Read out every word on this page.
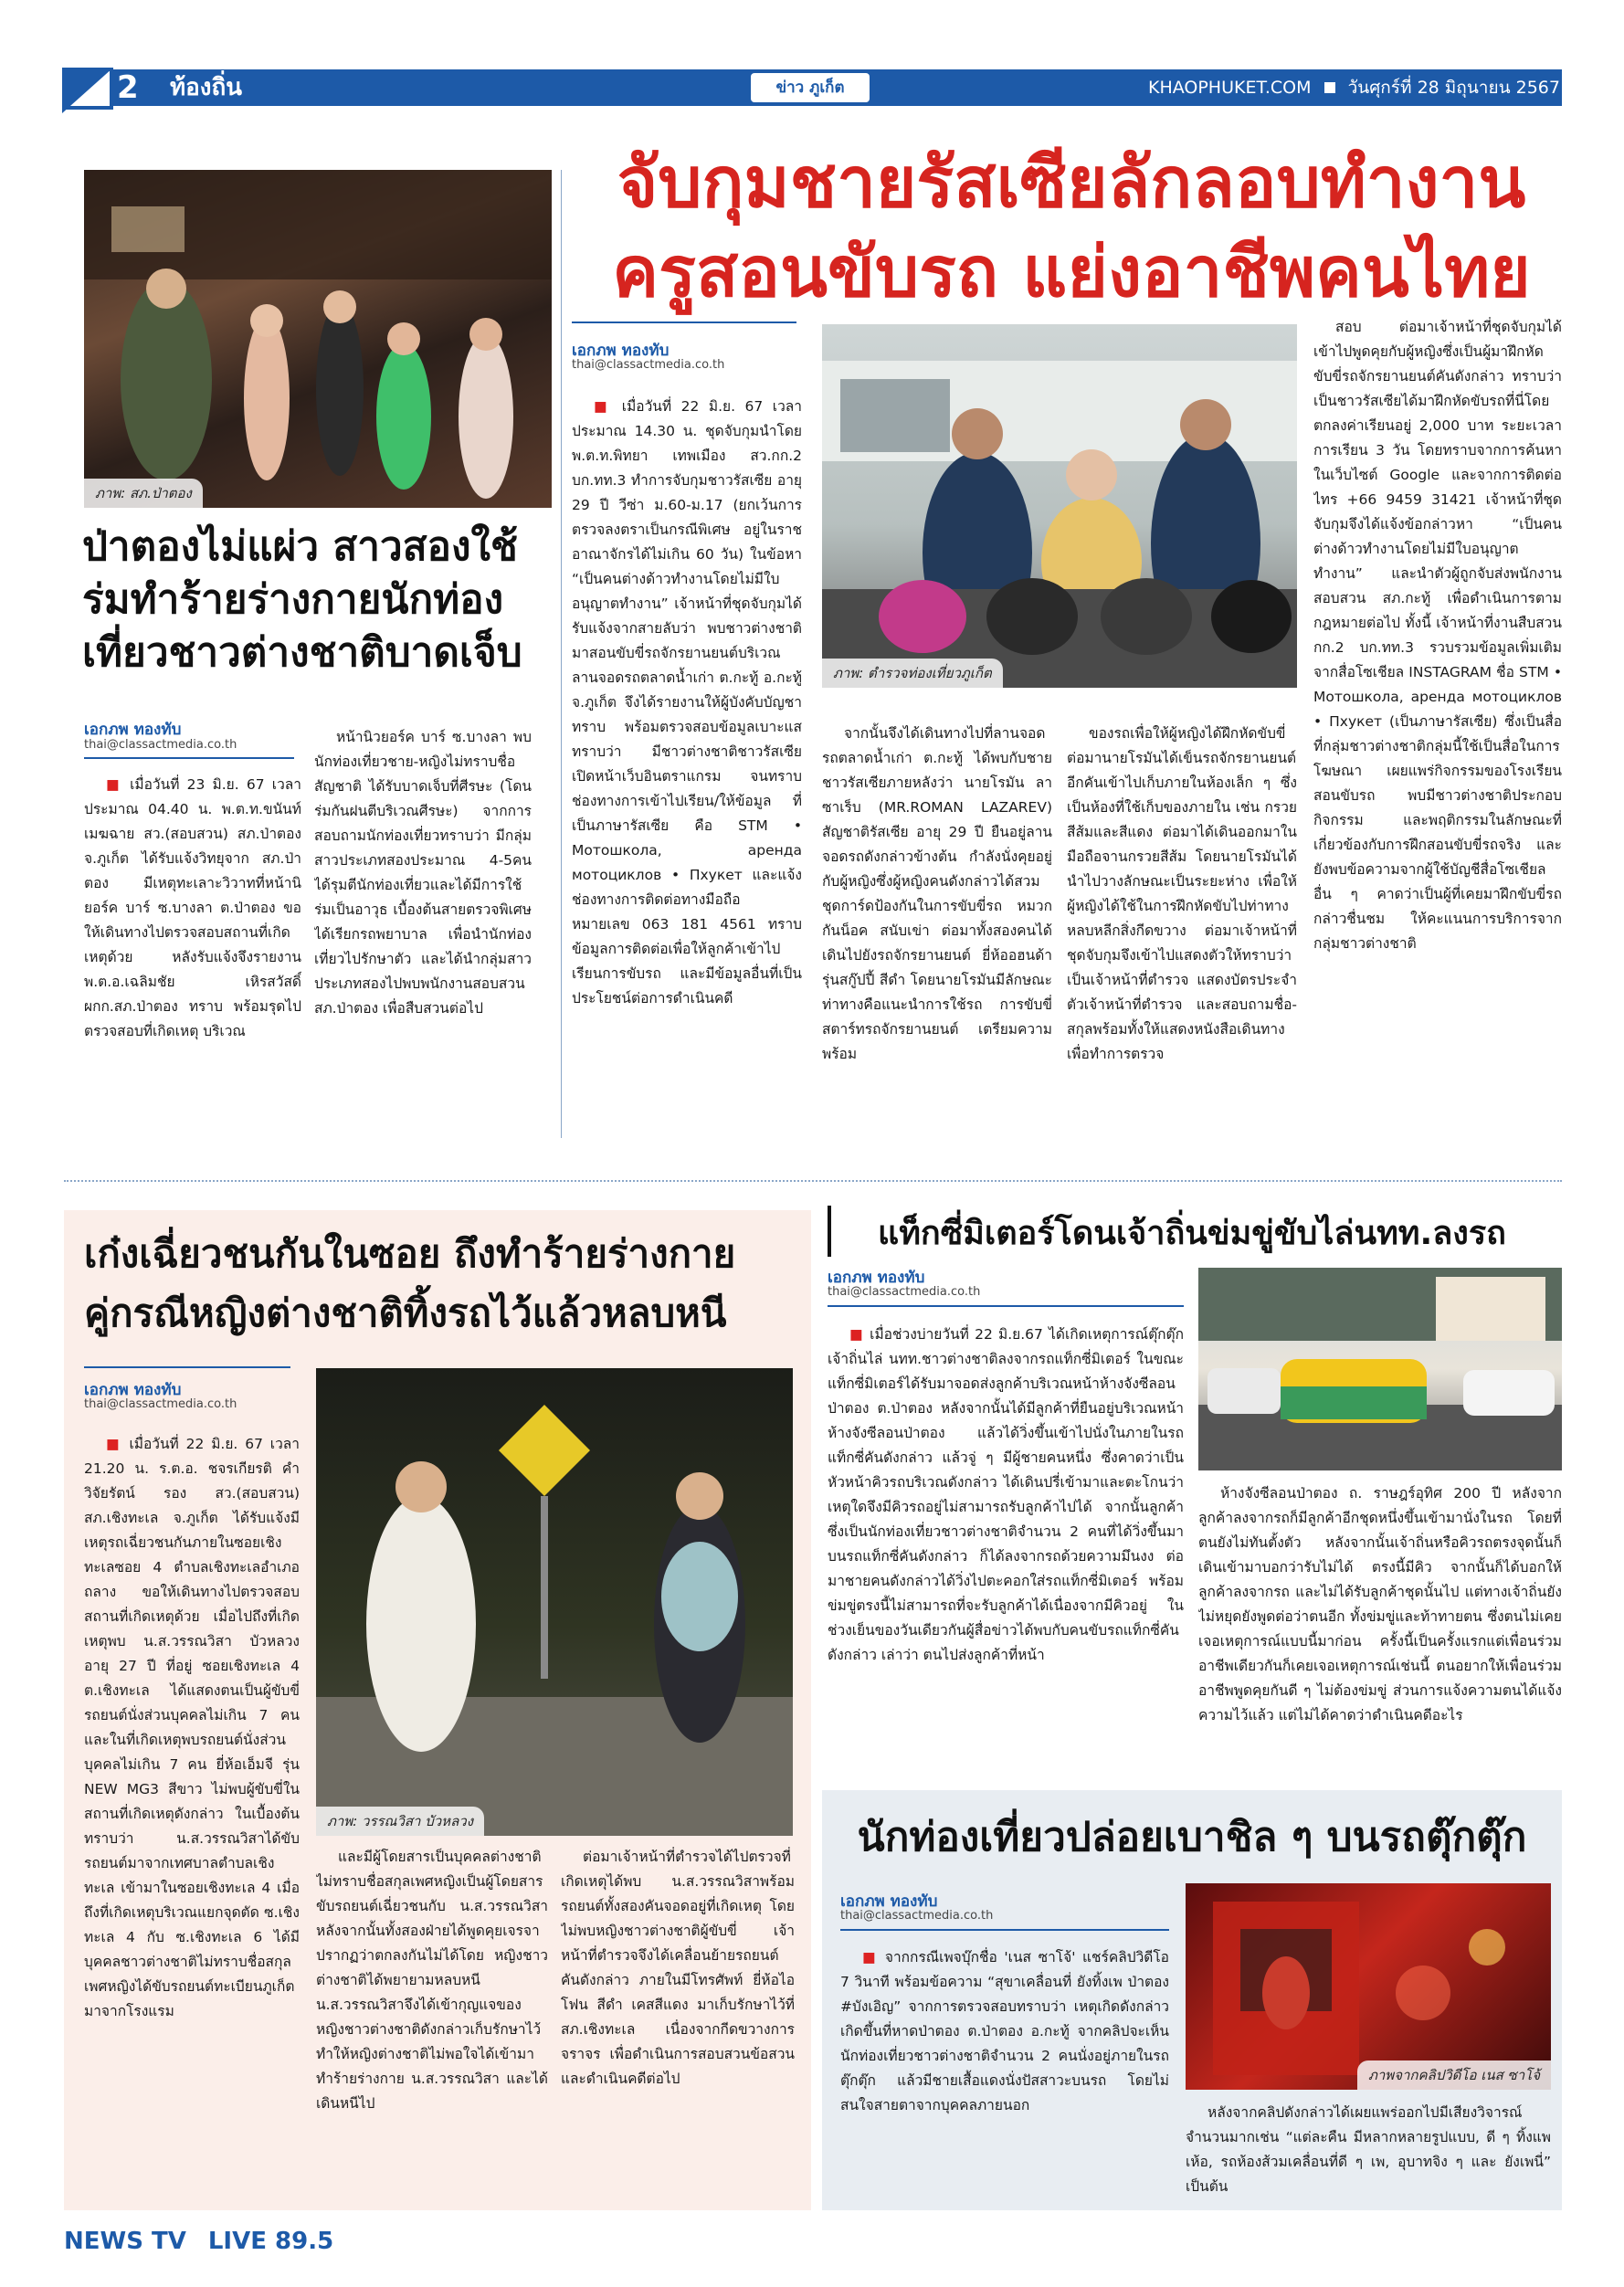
2 ท้องถิ่น	ข่าว ภูเก็ต	KHAOPHUKET.COM วันศุกร์ที่ 28 มิถุนายน 2567
ภาพ: สภ.ป่าตอง
ป่าตองไม่แผ่ว สาวสองใช้ร่มทำร้ายร่างกายนักท่องเที่ยวชาวต่างชาติบาดเจ็บ
เอกภพ ทองทับ
thai@classactmedia.co.th

■ เมื่อวันที่ 23 มิ.ย. 67 เวลาประมาณ 04.40 น. พ.ต.ท.ขนันท์ เมฆฉาย สว.(สอบสวน) สภ.ป่าตอง จ.ภูเก็ต ได้รับแจ้งวิทยุจาก สภ.ป่าตอง มีเหตุทะเลาะวิวาทที่หน้านิยอร์ค บาร์ ซ.บางลา ต.ป่าตอง ขอให้เดินทางไปตรวจสอบสถานที่เกิดเหตุด้วย หลังรับแจ้งจึงรายงาน พ.ต.อ.เฉลิมชัย เหิรสวัสดิ์ ผกก.สภ.ป่าตอง ทราบ พร้อมรุดไปตรวจสอบที่เกิดเหตุ บริเวณ

หน้านิวยอร์ค บาร์ ซ.บางลา พบนักท่องเที่ยวชาย-หญิงไม่ทราบชื่อสัญชาติ ได้รับบาดเจ็บที่ศีรษะ (โดนร่มกันฝนตีบริเวณศีรษะ) จากการสอบถามนักท่องเที่ยวทราบว่า มีกลุ่มสาวประเภทสองประมาณ 4-5คน ได้รุมตีนักท่องเที่ยวและได้มีการใช้ร่มเป็นอาวุธ เบื้องต้นสายตรวจพิเศษได้เรียกรถพยาบาล เพื่อนำนักท่องเที่ยวไปรักษาตัว และได้นำกลุ่มสาวประเภทสองไปพบพนักงานสอบสวน สภ.ป่าตอง เพื่อสืบสวนต่อไป

จับกุมชายรัสเซียลักลอบทำงาน
ครูสอนขับรถ แย่งอาชีพคนไทย
เอกภพ ทองทับ
thai@classactmedia.co.th

■ เมื่อวันที่ 22 มิ.ย. 67 เวลาประมาณ 14.30 น. ชุดจับกุมนำโดย พ.ต.ท.พิทยา เทพเมือง สว.กก.2 บก.ทท.3 ทำการจับกุมชาวรัสเซีย อายุ 29 ปี วีซ่า ม.60-ม.17 (ยกเว้นการตรวจลงตราเป็นกรณีพิเศษ อยู่ในราชอาณาจักรได้ไม่เกิน 60 วัน) ในข้อหา “เป็นคนต่างด้าวทำงานโดยไม่มีใบอนุญาตทำงาน” เจ้าหน้าที่ชุดจับกุมได้รับแจ้งจากสายลับว่า พบชาวต่างชาติมาสอนขับขี่รถจักรยานยนต์บริเวณลานจอดรถตลาดน้ำเก่า ต.กะทู้ อ.กะทู้ จ.ภูเก็ต จึงได้รายงานให้ผู้บังคับบัญชาทราบ พร้อมตรวจสอบข้อมูลเบาะแสทราบว่า มีชาวต่างชาติชาวรัสเซีย เปิดหน้าเว็บอินตราแกรม จนทราบช่องทางการเข้าไปเรียน/ให้ข้อมูล ที่เป็นภาษารัสเซีย คือ STM • Мотошкола, аренда мотоциклов • Пхукет และแจ้งช่องทางการติดต่อทางมือถือ หมายเลข 063 181 4561 ทราบข้อมูลการติดต่อเพื่อให้ลูกค้าเข้าไปเรียนการขับรถ และมีข้อมูลอื่นที่เป็นประโยชน์ต่อการดำเนินคดี

ภาพ: ตำรวจท่องเที่ยวภูเก็ต

สอบ ต่อมาเจ้าหน้าที่ชุดจับกุมได้เข้าไปพูดคุยกับผู้หญิงซึ่งเป็นผู้มาฝึกหัดขับขี่รถจักรยานยนต์คันดังกล่าว ทราบว่าเป็นชาวรัสเซียได้มาฝึกหัดขับรถที่นี่โดยตกลงค่าเรียนอยู่ 2,000 บาท ระยะเวลาการเรียน 3 วัน โดยทราบจากการค้นหาในเว็บไซต์ Google และจากการติดต่อ ไทร +66 9459 31421 เจ้าหน้าที่ชุดจับกุมจึงได้แจ้งข้อกล่าวหา “เป็นคนต่างด้าวทำงานโดยไม่มีใบอนุญาตทำงาน” และนำตัวผู้ถูกจับส่งพนักงานสอบสวน สภ.กะทู้ เพื่อดำเนินการตามกฎหมายต่อไป ทั้งนี้ เจ้าหน้าที่งานสืบสวน กก.2 บก.ทท.3 รวบรวมข้อมูลเพิ่มเติมจากสื่อโซเชียล INSTAGRAM ชื่อ STM • Мотошкола, аренда мотоциклов • Пхукет (เป็นภาษารัสเซีย) ซึ่งเป็นสื่อที่กลุ่มชาวต่างชาติกลุ่มนี้ใช้เป็นสื่อในการโฆษณา เผยแพร่กิจกรรมของโรงเรียนสอนขับรถ พบมีชาวต่างชาติประกอบกิจกรรม และพฤติกรรมในลักษณะที่เกี่ยวข้องกับการฝึกสอนขับขี่รถจริง และยังพบข้อความจากผู้ใช้บัญชีสื่อโซเชียลอื่น ๆ คาดว่าเป็นผู้ที่เคยมาฝึกขับขี่รถกล่าวชื่นชม ให้คะแนนการบริการจากกลุ่มชาวต่างชาติ

จากนั้นจึงได้เดินทางไปที่ลานจอดรถตลาดน้ำเก่า ต.กะทู้ ได้พบกับชายชาวรัสเซียภายหลังว่า นายโรมัน ลาซาเร็บ (MR.ROMAN LAZAREV) สัญชาติรัสเซีย อายุ 29 ปี ยืนอยู่ลานจอดรถดังกล่าวข้างต้น กำลังนั่งคุยอยู่กับผู้หญิงซึ่งผู้หญิงคนดังกล่าวได้สวมชุดการ์ดป้องกันในการขับขี่รถ หมวกกันน็อค สนับเข่า ต่อมาทั้งสองคนได้เดินไปยังรถจักรยานยนต์ ยี่ห้ออฮนด้า รุ่นสกู๊ปปี้ สีดำ โดยนายโรมันมีลักษณะท่าทางคือแนะนำการใช้รถ การขับขี่ สตาร์ทรถจักรยานยนต์ เตรียมความพร้อม

ของรถเพื่อให้ผู้หญิงได้ฝึกหัดขับขี่ ต่อมานายโรมันได้เข็นรถจักรยานยนต์อีกคันเข้าไปเก็บภายในห้องเล็ก ๆ ซึ่งเป็นห้องที่ใช้เก็บของภายใน เช่น กรวยสีส้มและสีแดง ต่อมาได้เดินออกมาในมือถือจานกรวยสีส้ม โดยนายโรมันได้นำไปวางลักษณะเป็นระยะห่าง เพื่อให้ผู้หญิงได้ใช้ในการฝึกหัดขับไปท่าทางหลบหลีกสิ่งกีดขวาง ต่อมาเจ้าหน้าที่ชุดจับกุมจึงเข้าไปแสดงตัวให้ทราบว่าเป็นเจ้าหน้าที่ตำรวจ แสดงบัตรประจำตัวเจ้าหน้าที่ตำรวจ และสอบถามชื่อ-สกุลพร้อมทั้งให้แสดงหนังสือเดินทางเพื่อทำการตรวจ

เก๋งเฉี่ยวชนกันในซอย ถึงทำร้ายร่างกาย
คู่กรณีหญิงต่างชาติทิ้งรถไว้แล้วหลบหนี
เอกภพ ทองทับ
thai@classactmedia.co.th

■ เมื่อวันที่ 22 มิ.ย. 67 เวลา 21.20 น. ร.ต.อ. ชจรเกียรติ คำวิจัยรัตน์ รอง สว.(สอบสวน) สภ.เชิงทะเล จ.ภูเก็ต ได้รับแจ้งมีเหตุรถเฉี่ยวชนกันภายในซอยเชิงทะเลซอย 4 ตำบลเชิงทะเลอำเภอถลาง ขอให้เดินทางไปตรวจสอบสถานที่เกิดเหตุด้วย เมื่อไปถึงที่เกิดเหตุพบ น.ส.วรรณวิสา บัวหลวง อายุ 27 ปี ที่อยู่ ซอยเชิงทะเล 4 ต.เชิงทะเล ได้แสดงตนเป็นผู้ขับขี่รถยนต์นั่งส่วนบุคคลไม่เกิน 7 คน และในที่เกิดเหตุพบรถยนต์นั่งส่วนบุคคลไม่เกิน 7 คน ยี่ห้อเอ็มจี รุ่น NEW MG3 สีขาว ไม่พบผู้ขับขี่ในสถานที่เกิดเหตุดังกล่าว ในเบื้องต้นทราบว่า น.ส.วรรณวิสาได้ขับรถยนต์มาจากเทศบาลตำบลเชิงทะเล เข้ามาในซอยเชิงทะเล 4 เมื่อถึงที่เกิดเหตุบริเวณแยกจุดตัด ซ.เชิงทะเล 4 กับ ซ.เชิงทะเล 6 ได้มีบุคคลชาวต่างชาติไม่ทราบชื่อสกุล เพศหญิงได้ขับรถยนต์ทะเบียนภูเก็ต มาจากโรงแรม

ภาพ: วรรณวิสา บัวหลวง

และมีผู้โดยสารเป็นบุคคลต่างชาติไม่ทราบชื่อสกุลเพศหญิงเป็นผู้โดยสารขับรถยนต์เฉี่ยวชนกับ น.ส.วรรณวิสาหลังจากนั้นทั้งสองฝ่ายได้พูดคุยเจรจาปรากฏว่าตกลงกันไม่ได้โดย หญิงชาวต่างชาติได้พยายามหลบหนี น.ส.วรรณวิสาจึงได้เข้ากุญแจของหญิงชาวต่างชาติดังกล่าวเก็บรักษาไว้ ทำให้หญิงต่างชาติไม่พอใจได้เข้ามาทำร้ายร่างกาย น.ส.วรรณวิสา และได้เดินหนีไป

ต่อมาเจ้าหน้าที่ตำรวจได้ไปตรวจที่เกิดเหตุได้พบ น.ส.วรรณวิสาพร้อมรถยนต์ทั้งสองคันจอดอยู่ที่เกิดเหตุ โดยไม่พบหญิงชาวต่างชาติผู้ขับขี่ เจ้าหน้าที่ตำรวจจึงได้เคลื่อนย้ายรถยนต์คันดังกล่าว ภายในมีโทรศัพท์ ยี่ห้อไอโฟน สีดำ เคสสีแดง มาเก็บรักษาไว้ที่ สภ.เชิงทะเล เนื่องจากกีดขวางการจราจร เพื่อดำเนินการสอบสวนข้อสวนและดำเนินคดีต่อไป

แท็กซี่มิเตอร์โดนเจ้าถิ่นข่มขู่ขับไล่นทท.ลงรถ
เอกภพ ทองทับ
thai@classactmedia.co.th

■ เมื่อช่วงบ่ายวันที่ 22 มิ.ย.67 ได้เกิดเหตุการณ์ตุ๊กตุ๊กเจ้าถิ่นไล่ นทท.ชาวต่างชาติลงจากรถแท็กซี่มิเตอร์ ในขณะแท็กซี่มิเตอร์ได้รับมาจอดส่งลูกค้าบริเวณหน้าห้างจังซีลอนป่าตอง ต.ป่าตอง หลังจากนั้นได้มีลูกค้าที่ยืนอยู่บริเวณหน้าห้างจังซีลอนป่าตอง แล้วได้วิ่งขึ้นเข้าไปนั่งในภายในรถแท็กซี่คันดังกล่าว แล้วจู่ ๆ มีผู้ชายคนหนึ่ง ซึ่งคาดว่าเป็นหัวหน้าคิวรถบริเวณดังกล่าว ได้เดินปรี่เข้ามาและตะโกนว่า เหตุใดจึงมีคิวรถอยู่ไม่สามารถรับลูกค้าไปได้ จากนั้นลูกค้าซึ่งเป็นนักท่องเที่ยวชาวต่างชาติจำนวน 2 คนที่ได้วิ่งขึ้นมาบนรถแท็กซี่คันดังกล่าว ก็ได้ลงจากรถด้วยความมึนงง ต่อมาชายคนดังกล่าวได้วิ่งไปตะคอกใส่รถแท็กซี่มิเตอร์ พร้อมข่มขู่ตรงนี้ไม่สามารถที่จะรับลูกค้าได้เนื่องจากมีคิวอยู่ ในช่วงเย็นของวันเดียวกันผู้สื่อข่าวได้พบกับคนขับรถแท็กซี่คันดังกล่าว เล่าว่า ตนไปส่งลูกค้าที่หน้า

ห้างจังซีลอนป่าตอง ถ. ราษฎร์อุทิศ 200 ปี หลังจากลูกค้าลงจากรถก็มีลูกค้าอีกชุดหนึ่งขึ้นเข้ามานั่งในรถ โดยที่ตนยังไม่ทันตั้งตัว หลังจากนั้นเจ้าถิ่นหรือคิวรถตรงจุดนั้นก็เดินเข้ามาบอกว่ารับไม่ได้ ตรงนี้มีคิว จากนั้นก็ได้บอกให้ลูกค้าลงจากรถ และไม่ได้รับลูกค้าชุดนั้นไป แต่ทางเจ้าถิ่นยังไม่หยุดยังพูดต่อว่าตนอีก ทั้งข่มขู่และท้าทายตน ซึ่งตนไม่เคยเจอเหตุการณ์แบบนี้มาก่อน ครั้งนี้เป็นครั้งแรกแต่เพื่อนร่วมอาชีพเดียวกันก็เคยเจอเหตุการณ์เช่นนี้ ตนอยากให้เพื่อนร่วมอาชีพพูดคุยกันดี ๆ ไม่ต้องข่มขู่ ส่วนการแจ้งความตนได้แจ้งความไว้แล้ว แต่ไม่ได้คาดว่าดำเนินคดีอะไร

นักท่องเที่ยวปล่อยเบาชิล ๆ บนรถตุ๊กตุ๊ก
เอกภพ ทองทับ
thai@classactmedia.co.th
ภาพจากคลิปวิดีโอ เนส ซาโจ้

■ จากกรณีเพจบุ๊กชื่อ 'เนส ซาโจ้' แชร์คลิปวิดีโอ 7 วินาที พร้อมข้อความ “สุขาเคลื่อนที่ ยังทิ้งเพ ป่าตอง #บังเอิญ” จากการตรวจสอบทราบว่า เหตุเกิดดังกล่าวเกิดขึ้นที่หาดป่าตอง ต.ป่าตอง อ.กะทู้ จากคลิปจะเห็นนักท่องเที่ยวชาวต่างชาติจำนวน 2 คนนั่งอยู่ภายในรถตุ๊กตุ๊ก แล้วมีชายเสื้อแดงนั่งปัสสาวะบนรถ โดยไม่สนใจสายตาจากบุคคลภายนอก	หลังจากคลิปดังกล่าวได้เผยแพร่ออกไปมีเสียงวิจารณ์ จำนวนมากเช่น “แต่ละคืน มีหลากหลายรูปแบบ, ดี ๆ ทิ้งแพ เห้อ, รถห้องส้วมเคลื่อนที่ดี ๆ เพ, อุบาทจิง ๆ และ ยังเพนี่” เป็นต้น

NEWS TV LIVE 89.5
